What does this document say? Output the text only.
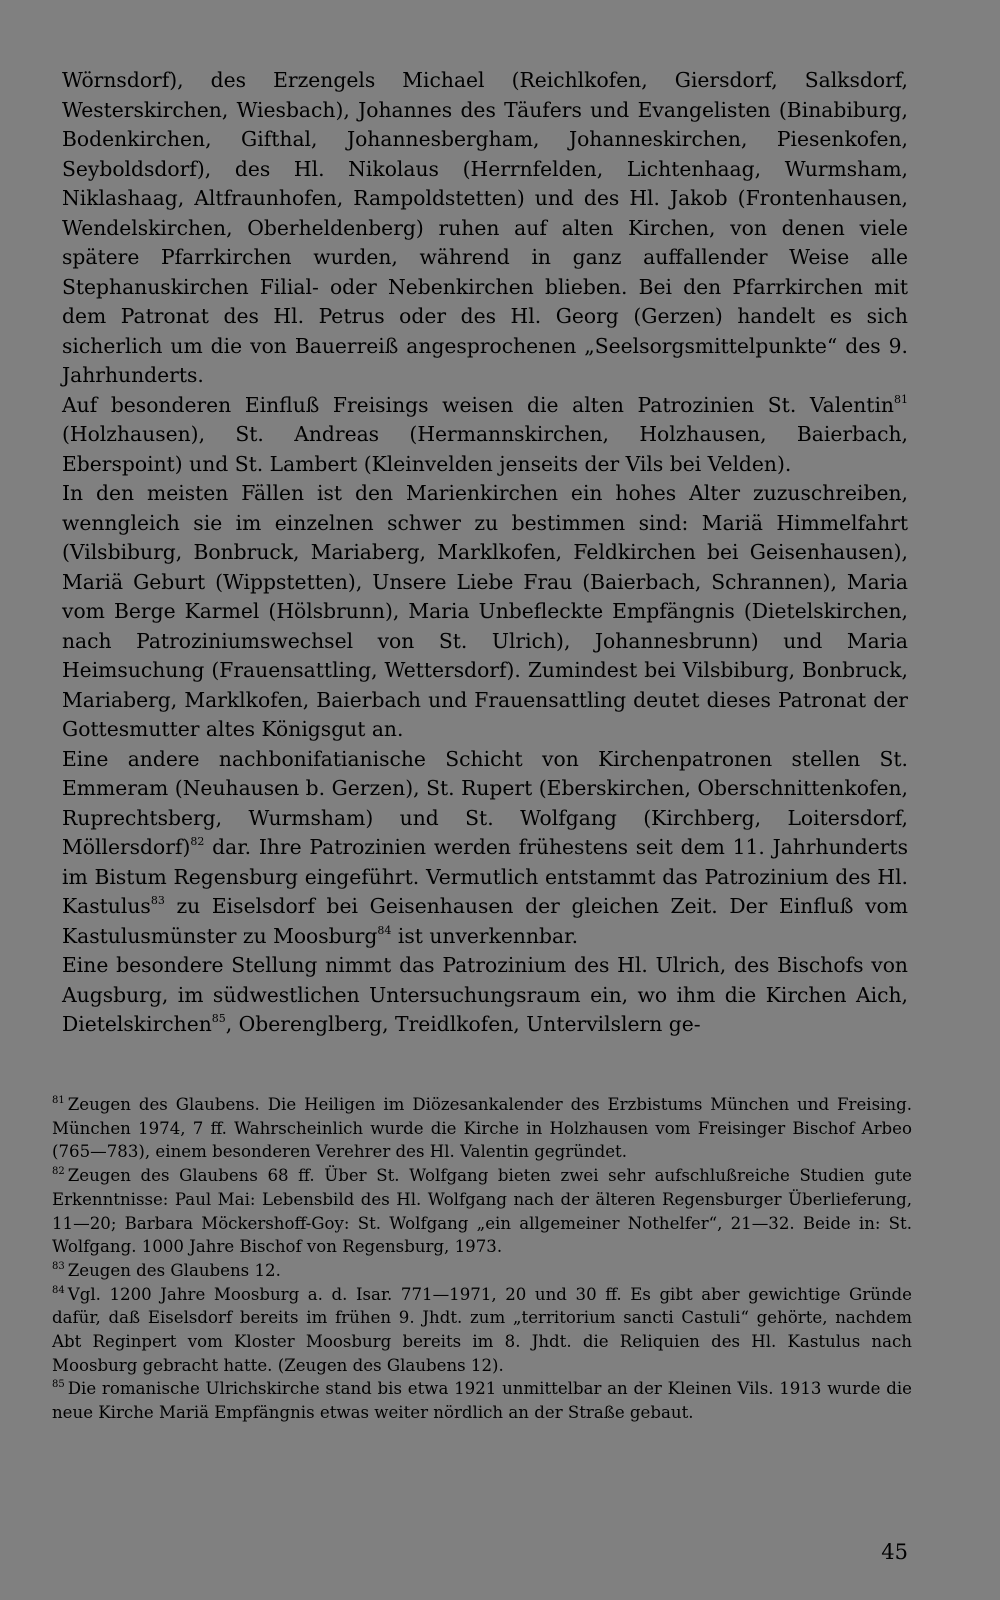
Wörnsdorf), des Erzengels Michael (Reichlkofen, Giersdorf, Salksdorf, Westerskirchen, Wiesbach), Johannes des Täufers und Evangelisten (Binabiburg, Bodenkirchen, Gifthal, Johannesbergham, Johanneskirchen, Piesenkofen, Seyboldsdorf), des Hl. Nikolaus (Herrnfelden, Lichtenhaag, Wurmsham, Niklashaag, Altfraunhofen, Rampoldstetten) und des Hl. Jakob (Frontenhausen, Wendelskirchen, Oberheldenberg) ruhen auf alten Kirchen, von denen viele spätere Pfarrkirchen wurden, während in ganz auffallender Weise alle Stephanuskirchen Filial- oder Nebenkirchen blieben. Bei den Pfarrkirchen mit dem Patronat des Hl. Petrus oder des Hl. Georg (Gerzen) handelt es sich sicherlich um die von Bauerreiß angesprochenen „Seelsorgsmittelpunkte“ des 9. Jahrhunderts.

Auf besonderen Einfluß Freisings weisen die alten Patrozinien St. Valentin$^{81}$ (Holzhausen), St. Andreas (Hermannskirchen, Holzhausen, Baierbach, Eberspoint) und St. Lambert (Kleinvelden jenseits der Vils bei Velden).

In den meisten Fällen ist den Marienkirchen ein hohes Alter zuzuschreiben, wenngleich sie im einzelnen schwer zu bestimmen sind: Mariä Himmelfahrt (Vilsbiburg, Bonbruck, Mariaberg, Marklkofen, Feldkirchen bei Geisenhausen), Mariä Geburt (Wippstetten), Unsere Liebe Frau (Baierbach, Schrannen), Maria vom Berge Karmel (Hölsbrunn), Maria Unbefleckte Empfängnis (Dietelskirchen, nach Patroziniumswechsel von St. Ulrich), Johannesbrunn) und Maria Heimsuchung (Frauensattling, Wettersdorf). Zumindest bei Vilsbiburg, Bonbruck, Mariaberg, Marklkofen, Baierbach und Frauensattling deutet dieses Patronat der Gottesmutter altes Königsgut an.

Eine andere nachbonifatianische Schicht von Kirchenpatronen stellen St. Emmeram (Neuhausen b. Gerzen), St. Rupert (Eberskirchen, Oberschnittenkofen, Ruprechtsberg, Wurmsham) und St. Wolfgang (Kirchberg, Loitersdorf, Möllersdorf)$^{82}$ dar. Ihre Patrozinien werden frühestens seit dem 11. Jahrhunderts im Bistum Regensburg eingeführt. Vermutlich entstammt das Patrozinium des Hl. Kastulus$^{83}$ zu Eiselsdorf bei Geisenhausen der gleichen Zeit. Der Einfluß vom Kastulusmünster zu Moosburg$^{84}$ ist unverkennbar.

Eine besondere Stellung nimmt das Patrozinium des Hl. Ulrich, des Bischofs von Augsburg, im südwestlichen Untersuchungsraum ein, wo ihm die Kirchen Aich, Dietelskirchen$^{85}$, Oberenglberg, Treidlkofen, Untervilslern ge-

$^{81}$ Zeugen des Glaubens. Die Heiligen im Diözesankalender des Erzbistums München und Freising. München 1974, 7 ff. Wahrscheinlich wurde die Kirche in Holzhausen vom Freisinger Bischof Arbeo (765—783), einem besonderen Verehrer des Hl. Valentin gegründet.

$^{82}$ Zeugen des Glaubens 68 ff. Über St. Wolfgang bieten zwei sehr aufschlußreiche Studien gute Erkenntnisse: Paul Mai: Lebensbild des Hl. Wolfgang nach der älteren Regensburger Überlieferung, 11—20; Barbara Möckershoff-Goy: St. Wolfgang „ein allgemeiner Nothelfer“, 21—32. Beide in: St. Wolfgang. 1000 Jahre Bischof von Regensburg, 1973.

$^{83}$ Zeugen des Glaubens 12.

$^{84}$ Vgl. 1200 Jahre Moosburg a. d. Isar. 771—1971, 20 und 30 ff. Es gibt aber gewichtige Gründe dafür, daß Eiselsdorf bereits im frühen 9. Jhdt. zum „territorium sancti Castuli“ gehörte, nachdem Abt Reginpert vom Kloster Moosburg bereits im 8. Jhdt. die Reliquien des Hl. Kastulus nach Moosburg gebracht hatte. (Zeugen des Glaubens 12).

$^{85}$ Die romanische Ulrichskirche stand bis etwa 1921 unmittelbar an der Kleinen Vils. 1913 wurde die neue Kirche Mariä Empfängnis etwas weiter nördlich an der Straße gebaut.

45
